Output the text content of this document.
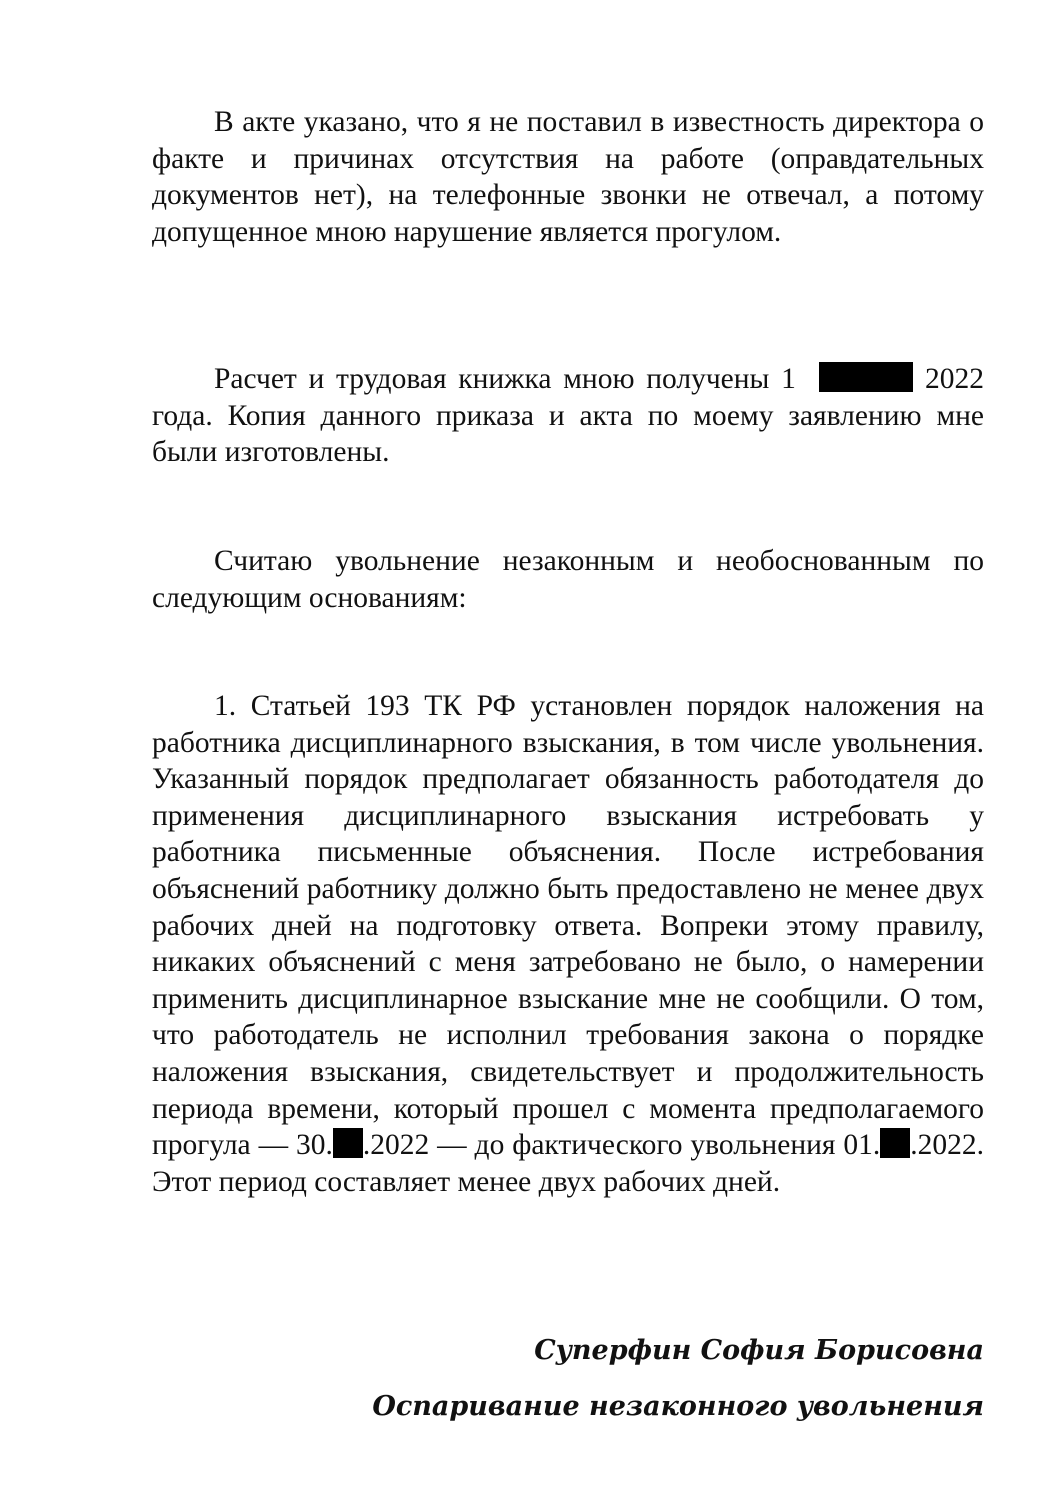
В акте указано, что я не поставил в известность директора о факте и причинах отсутствия на работе (оправдательных документов нет), на телефонные звонки не отвечал, а потому допущенное мною нарушение является прогулом.

Расчет и трудовая книжка мною получены 1	2022 года. Копия данного приказа и акта по моему заявлению мне были изготовлены.

Считаю увольнение незаконным и необоснованным по следующим основаниям:

1. Статьей 193 ТК РФ установлен порядок наложения на работника дисциплинарного взыскания, в том числе увольнения. Указанный порядок предполагает обязанность работодателя до применения дисциплинарного взыскания истребовать у работника письменные объяснения. После истребования объяснений работнику должно быть предоставлено не менее двух рабочих дней на подготовку ответа. Вопреки этому правилу, никаких объяснений с меня затребовано не было, о намерении применить дисциплинарное взыскание мне не сообщили. О том, что работодатель не исполнил требования закона о порядке наложения взыскания, свидетельствует и продолжительность периода времени, который прошел с момента предполагаемого прогула — 30. .2022 — до фактического увольнения 01. .2022. Этот период составляет менее двух рабочих дней.

Суперфин София Борисовна
Оспаривание незаконного увольнения
